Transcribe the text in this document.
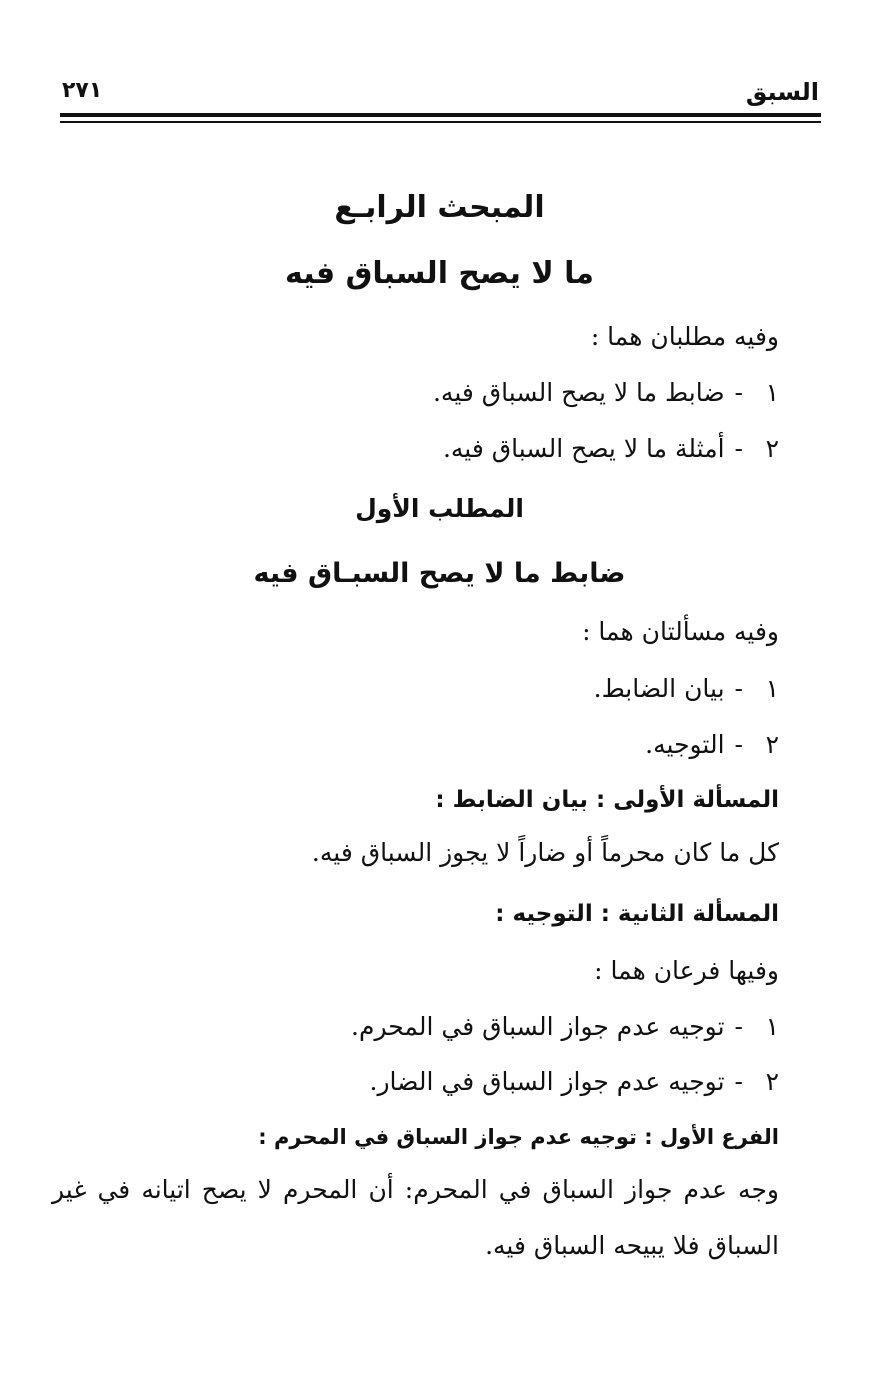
السبق
٢٧١
المبحث الرابـع
ما لا يصح السباق فيه
وفيه مطلبان هما :
١-ضابط ما لا يصح السباق فيه.
٢-أمثلة ما لا يصح السباق فيه.
المطلب الأول
ضابط ما لا يصح السبـاق فيه
وفيه مسألتان هما :
١-بيان الضابط.
٢-التوجيه.
المسألة الأولى : بيان الضابط :
كل ما كان محرماً أو ضاراً لا يجوز السباق فيه.
المسألة الثانية : التوجيه :
وفيها فرعان هما :
١-توجيه عدم جواز السباق في المحرم.
٢-توجيه عدم جواز السباق في الضار.
الفرع الأول : توجيه عدم جواز السباق في المحرم :
وجه عدم جواز السباق في المحرم: أن المحرم لا يصح اتيانه في غير السباق فلا يبيحه السباق فيه.
